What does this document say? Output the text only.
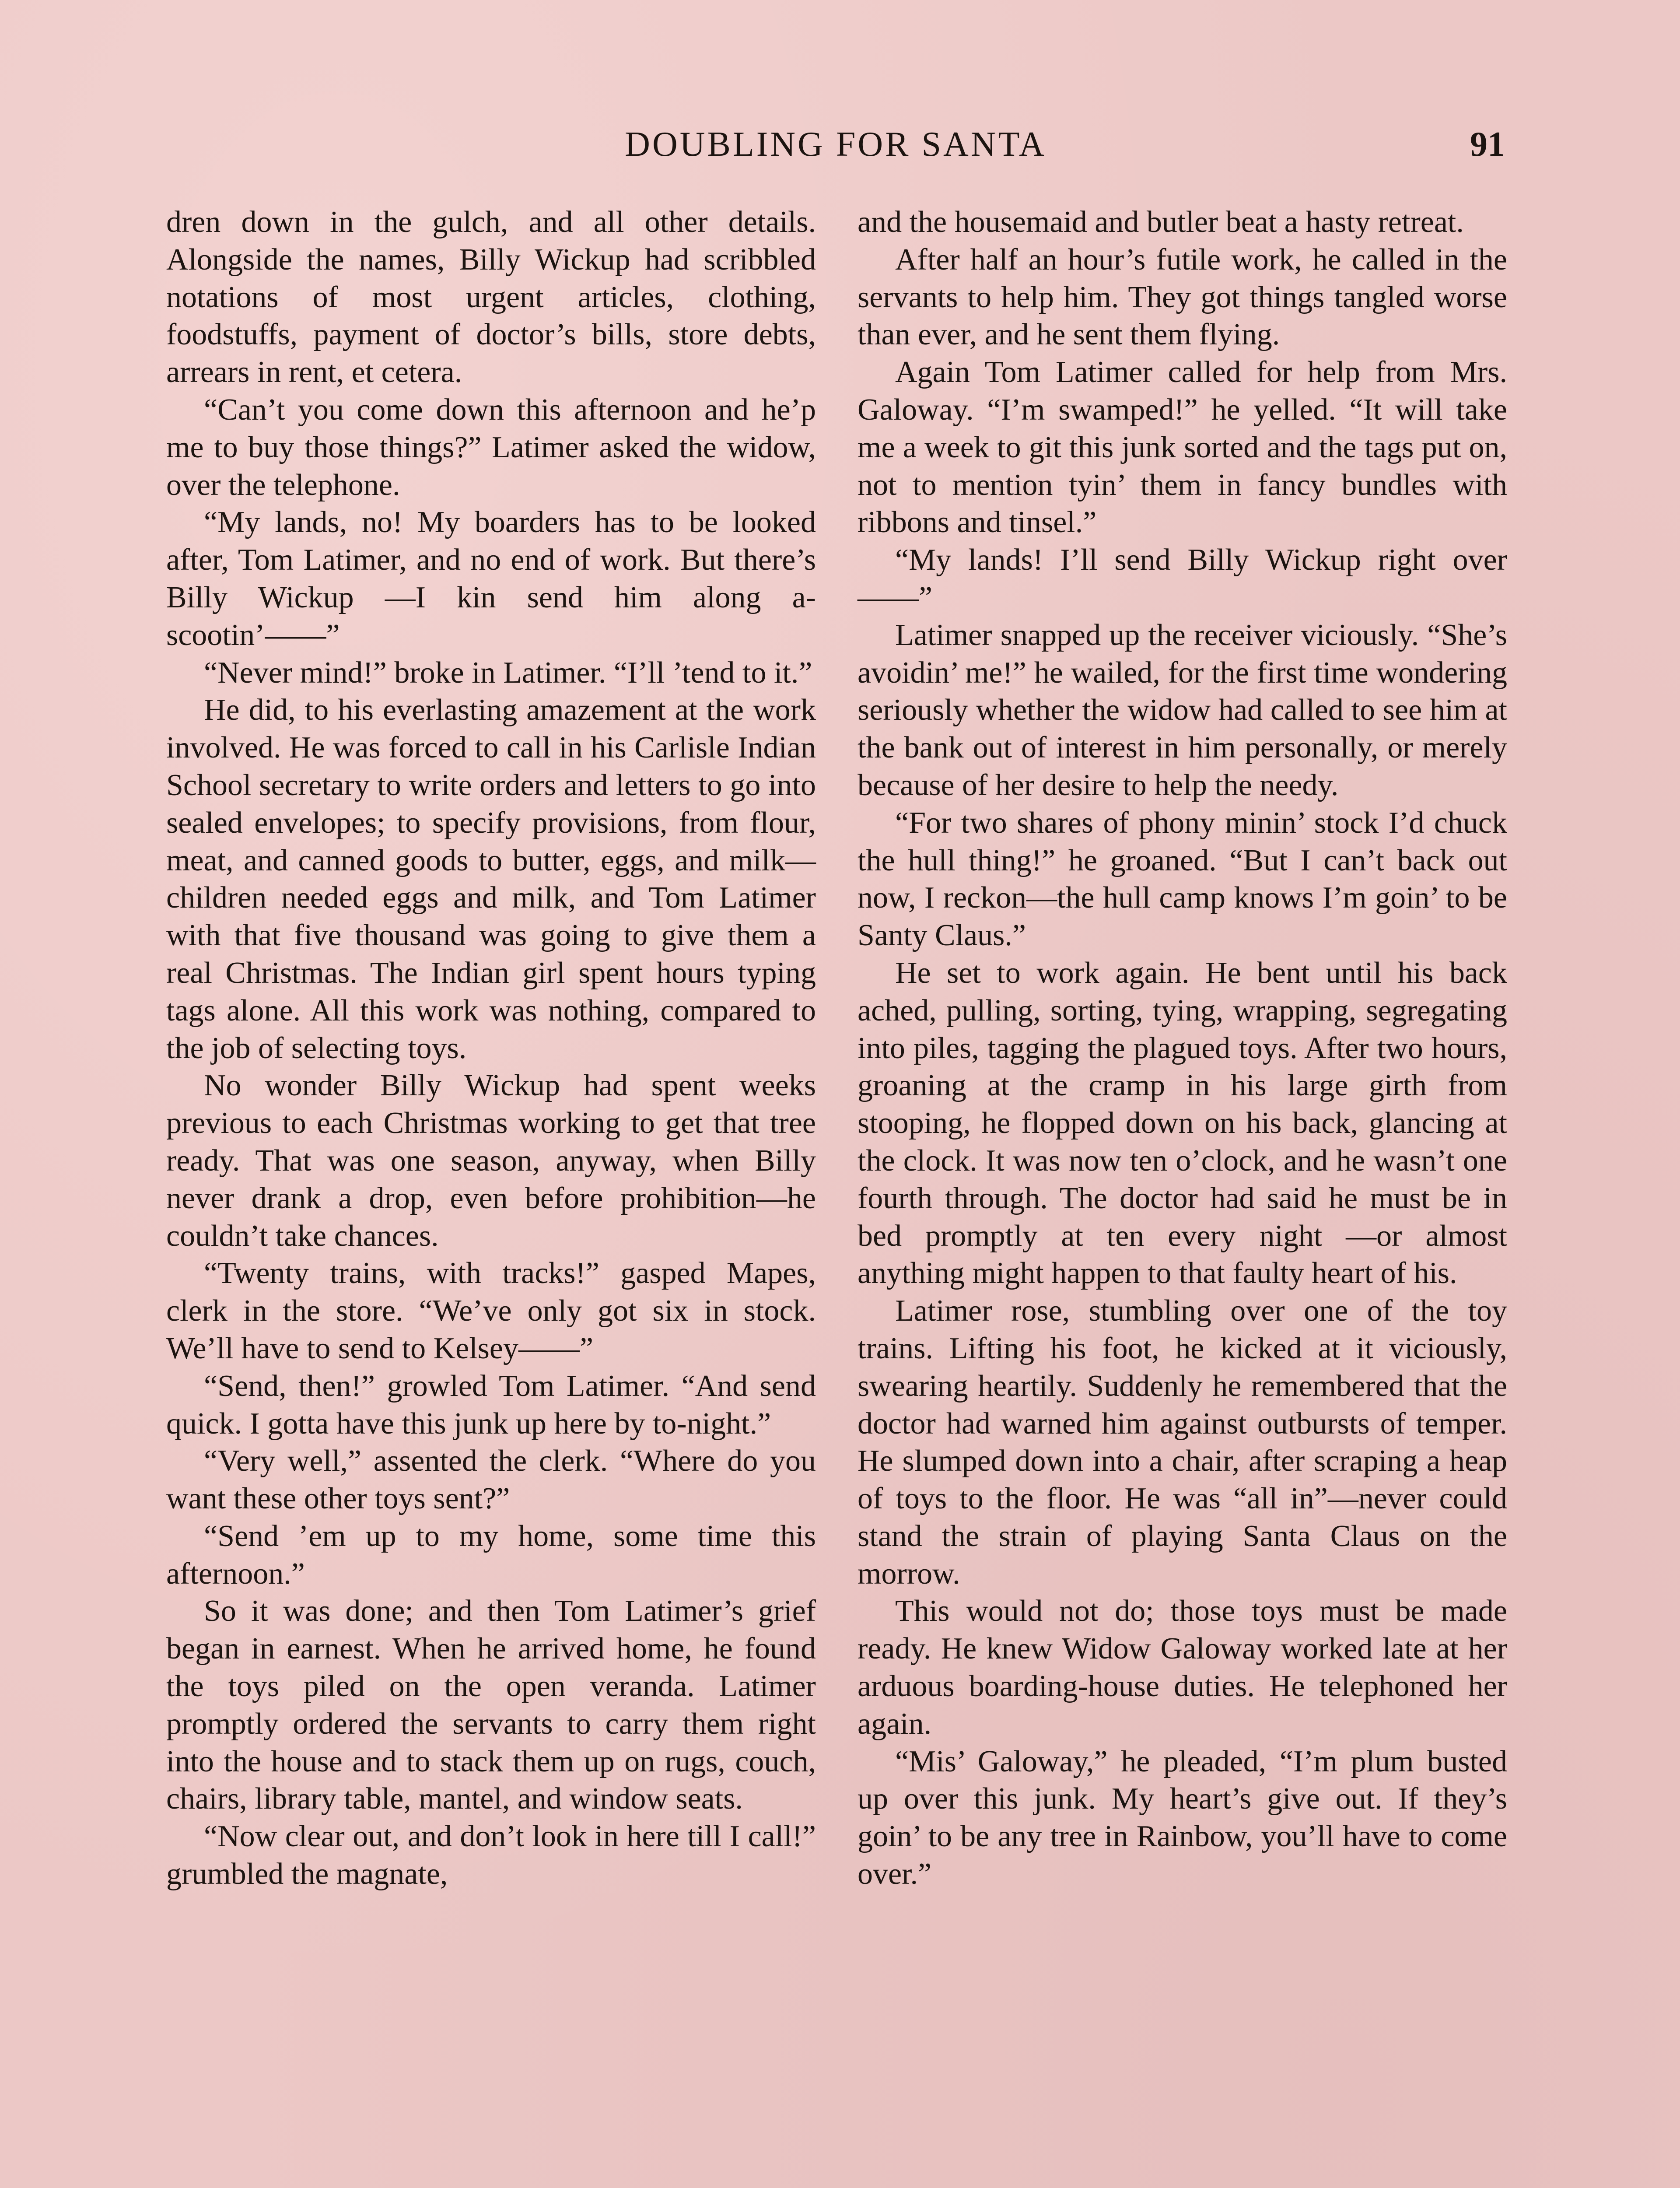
DOUBLING FOR SANTA	91

dren down in the gulch, and all other details. Alongside the names, Billy Wickup had scribbled notations of most urgent articles, clothing, foodstuffs, payment of doctor’s bills, store debts, arrears in rent, et cetera.

“Can’t you come down this afternoon and he’p me to buy those things?” Latimer asked the widow, over the telephone.

“My lands, no! My boarders has to be looked after, Tom Latimer, and no end of work. But there’s Billy Wickup —I kin send him along a-scootin’——”

“Never mind!” broke in Latimer. “I’ll ’tend to it.”

He did, to his everlasting amazement at the work involved. He was forced to call in his Carlisle Indian School secretary to write orders and letters to go into sealed envelopes; to specify provisions, from flour, meat, and canned goods to butter, eggs, and milk—children needed eggs and milk, and Tom Latimer with that five thousand was going to give them a real Christmas. The Indian girl spent hours typing tags alone. All this work was nothing, compared to the job of selecting toys.

No wonder Billy Wickup had spent weeks previous to each Christmas working to get that tree ready. That was one season, anyway, when Billy never drank a drop, even before prohibition—he couldn’t take chances.

“Twenty trains, with tracks!” gasped Mapes, clerk in the store. “We’ve only got six in stock. We’ll have to send to Kelsey——”

“Send, then!” growled Tom Latimer. “And send quick. I gotta have this junk up here by to-night.”

“Very well,” assented the clerk. “Where do you want these other toys sent?”

“Send ’em up to my home, some time this afternoon.”

So it was done; and then Tom Latimer’s grief began in earnest. When he arrived home, he found the toys piled on the open veranda. Latimer promptly ordered the servants to carry them right into the house and to stack them up on rugs, couch, chairs, library table, mantel, and window seats.

“Now clear out, and don’t look in here till I call!” grumbled the magnate,

and the housemaid and butler beat a hasty retreat.

After half an hour’s futile work, he called in the servants to help him. They got things tangled worse than ever, and he sent them flying.

Again Tom Latimer called for help from Mrs. Galoway. “I’m swamped!” he yelled. “It will take me a week to git this junk sorted and the tags put on, not to mention tyin’ them in fancy bundles with ribbons and tinsel.”

“My lands! I’ll send Billy Wickup right over——”

Latimer snapped up the receiver viciously. “She’s avoidin’ me!” he wailed, for the first time wondering seriously whether the widow had called to see him at the bank out of interest in him personally, or merely because of her desire to help the needy.

“For two shares of phony minin’ stock I’d chuck the hull thing!” he groaned. “But I can’t back out now, I reckon—the hull camp knows I’m goin’ to be Santy Claus.”

He set to work again. He bent until his back ached, pulling, sorting, tying, wrapping, segregating into piles, tagging the plagued toys. After two hours, groaning at the cramp in his large girth from stooping, he flopped down on his back, glancing at the clock. It was now ten o’clock, and he wasn’t one fourth through. The doctor had said he must be in bed promptly at ten every night —or almost anything might happen to that faulty heart of his.

Latimer rose, stumbling over one of the toy trains. Lifting his foot, he kicked at it viciously, swearing heartily. Suddenly he remembered that the doctor had warned him against outbursts of temper. He slumped down into a chair, after scraping a heap of toys to the floor. He was “all in”—never could stand the strain of playing Santa Claus on the morrow.

This would not do; those toys must be made ready. He knew Widow Galoway worked late at her arduous boarding-house duties. He telephoned her again.

“Mis’ Galoway,” he pleaded, “I’m plum busted up over this junk. My heart’s give out. If they’s goin’ to be any tree in Rainbow, you’ll have to come over.”
